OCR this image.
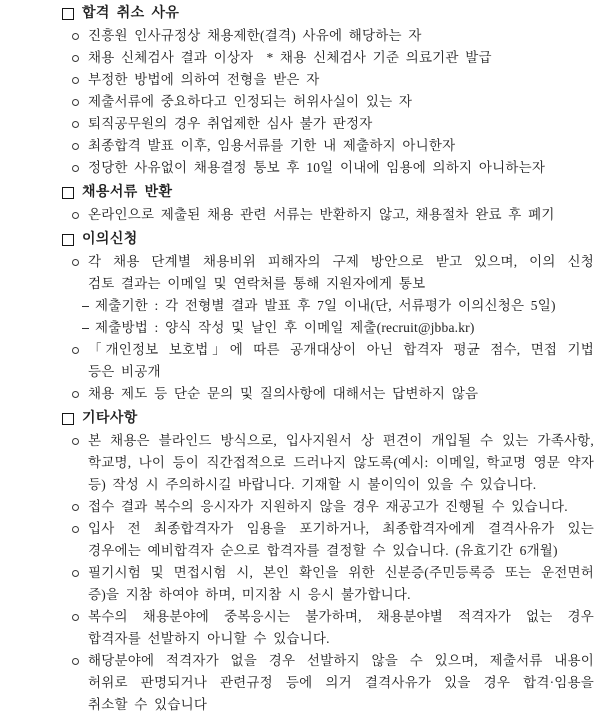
합격 취소 사유
진흥원 인사규정상 채용제한(결격) 사유에 해당하는 자
채용 신체검사 결과 이상자  * 채용 신체검사 기준 의료기관 발급
부정한 방법에 의하여 전형을 받은 자
제출서류에 중요하다고 인정되는 허위사실이 있는 자
퇴직공무원의 경우 취업제한 심사 불가 판정자
최종합격 발표 이후, 임용서류를 기한 내 제출하지 아니한자
정당한 사유없이 채용결정 통보 후 10일 이내에 임용에 의하지 아니하는자
채용서류 반환
온라인으로 제출된 채용 관련 서류는 반환하지 않고, 채용절차 완료 후 폐기
이의신청
각 채용 단계별 채용비위 피해자의 구제 방안으로 받고 있으며, 이의 신청
검토 결과는 이메일 및 연락처를 통해 지원자에게 통보
제출기한 : 각 전형별 결과 발표 후 7일 이내(단, 서류평가 이의신청은 5일)
제출방법 : 양식 작성 및 날인 후 이메일 제출(recruit@jbba.kr)
「개인정보 보호법」에 따른 공개대상이 아닌 합격자 평균 점수, 면접 기법
등은 비공개
채용 제도 등 단순 문의 및 질의사항에 대해서는 답변하지 않음
기타사항
본 채용은 블라인드 방식으로, 입사지원서 상 편견이 개입될 수 있는 가족사항,
학교명, 나이 등이 직간접적으로 드러나지 않도록(예시: 이메일, 학교명 영문 약자
등) 작성 시 주의하시길 바랍니다. 기재할 시 불이익이 있을 수 있습니다.
접수 결과 복수의 응시자가 지원하지 않을 경우 재공고가 진행될 수 있습니다.
입사 전 최종합격자가 임용을 포기하거나, 최종합격자에게 결격사유가 있는
경우에는 예비합격자 순으로 합격자를 결정할 수 있습니다. (유효기간 6개월)
필기시험 및 면접시험 시, 본인 확인을 위한 신분증(주민등록증 또는 운전면허
증)을 지참 하여야 하며, 미지참 시 응시 불가합니다.
복수의 채용분야에 중복응시는 불가하며, 채용분야별 적격자가 없는 경우
합격자를 선발하지 아니할 수 있습니다.
해당분야에 적격자가 없을 경우 선발하지 않을 수 있으며, 제출서류 내용이
허위로 판명되거나 관련규정 등에 의거 결격사유가 있을 경우 합격·임용을
취소할 수 있습니다
